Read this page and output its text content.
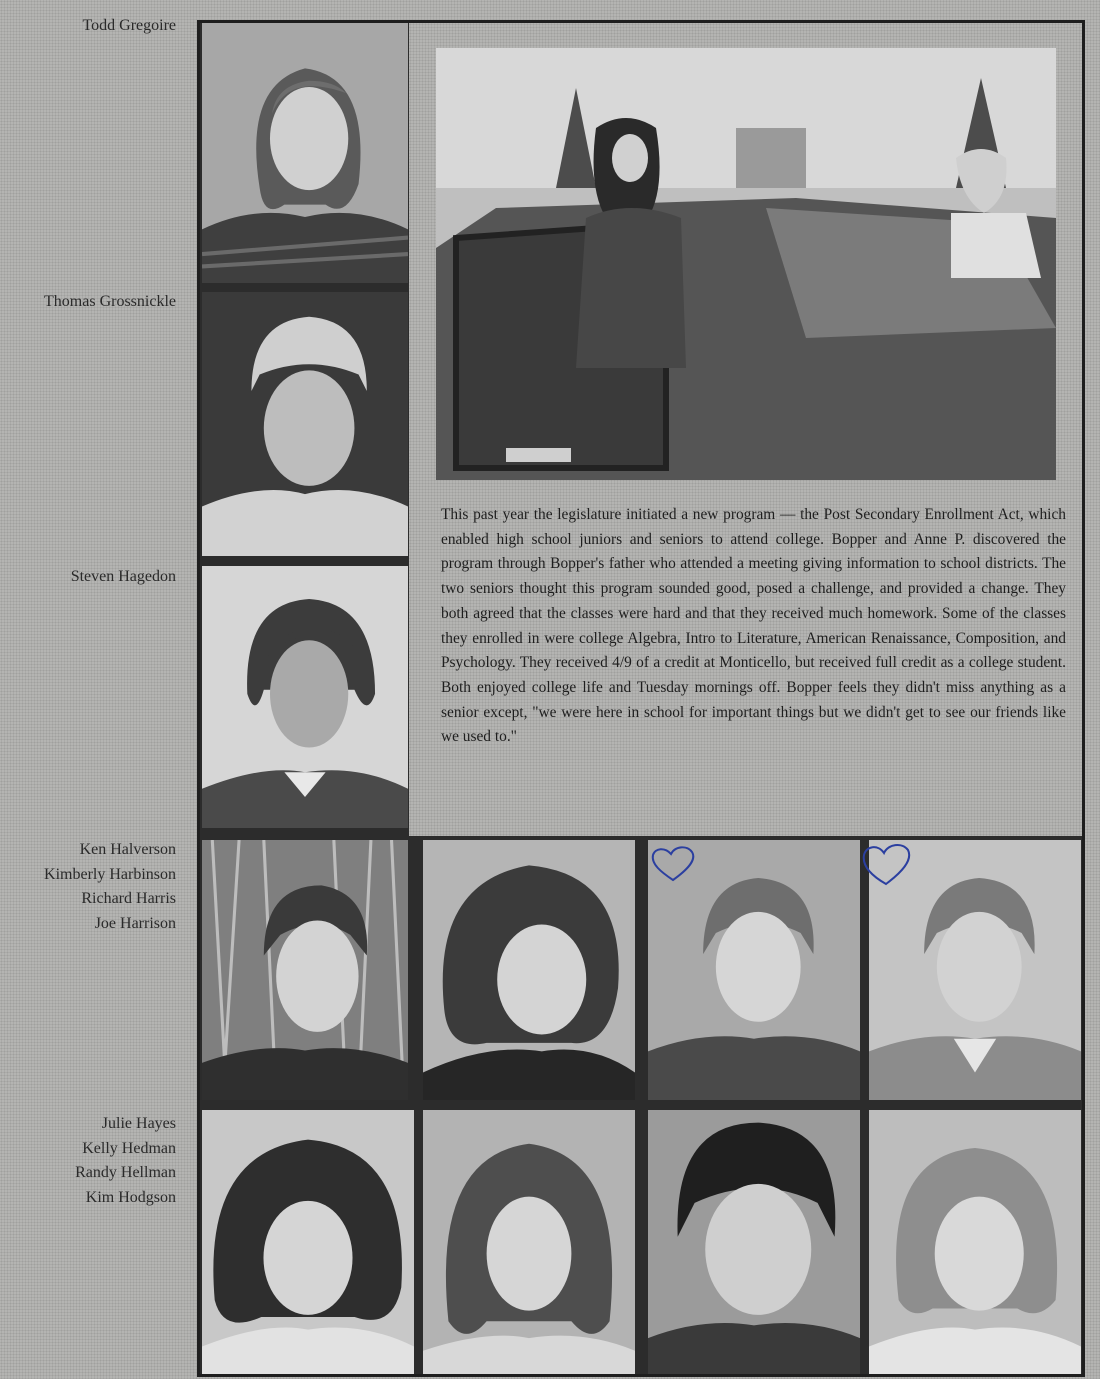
Todd Gregoire
Thomas Grossnickle
Steven Hagedon
Ken Halverson
Kimberly Harbinson
Richard Harris
Joe Harrison
Julie Hayes
Kelly Hedman
Randy Hellman
Kim Hodgson

This past year the legislature initiated a new program — the Post Secondary Enrollment Act, which enabled high school juniors and seniors to attend college. Bopper and Anne P. discovered the program through Bopper's father who attended a meeting giving information to school districts. The two seniors thought this program sounded good, posed a challenge, and provided a change. They both agreed that the classes were hard and that they received much homework. Some of the classes they enrolled in were college Algebra, Intro to Literature, American Renaissance, Composition, and Psychology. They received 4/9 of a credit at Monticello, but received full credit as a college student. Both enjoyed college life and Tuesday mornings off. Bopper feels they didn't miss anything as a senior except, "we were here in school for important things but we didn't get to see our friends like we used to."
